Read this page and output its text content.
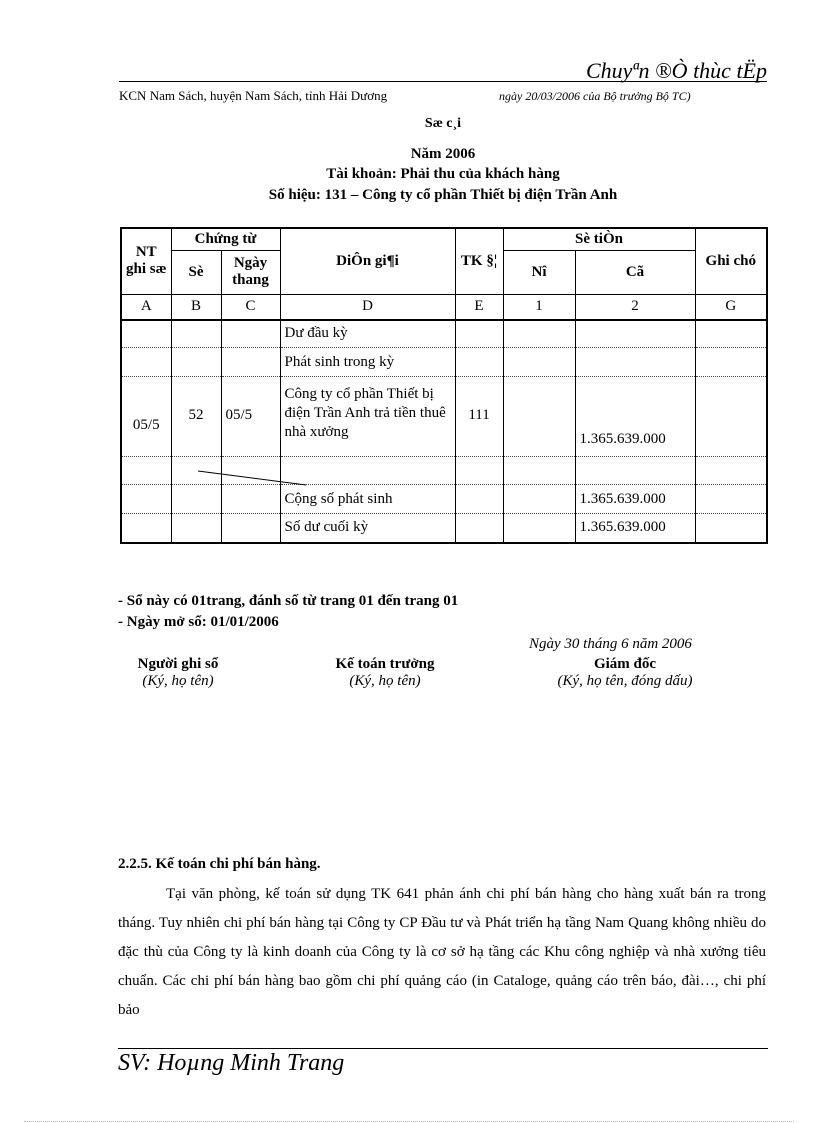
Chuyªn ®Ò thùc tËp
KCN Nam Sách, huyện Nam Sách, tỉnh Hải Dương	ngày 20/03/2006 của Bộ trưởng Bộ TC)
Sæ c¸i
Năm 2006
Tài khoản: Phải thu của khách hàng
Số hiệu: 131 – Công ty cổ phần Thiết bị điện Trần Anh
NT ghi sæ	Chứng từ		DiÔn gi¶i	TK §¦	Sè tiÒn		Ghi chó
	Sè	Ngày thang			Nî	Cã	
A	B	C	D	E	1	2	G
			Dư đầu kỳ				
			Phát sinh trong kỳ				
05/5	52	05/5	Công ty cổ phần Thiết bị điện Trần Anh trả tiền thuê nhà xưởng	111		1.365.639.000	

			Cộng số phát sinh			1.365.639.000	
			Số dư cuối kỳ			1.365.639.000	
- Sổ này có 01trang, đánh số từ trang 01 đến trang 01
- Ngày mở sổ: 01/01/2006
Ngày 30 tháng 6 năm 2006
Người ghi sổ
(Ký, họ tên)
Kế toán trưởng
(Ký, họ tên)
Giám đốc
(Ký, họ tên, đóng dấu)
2.2.5. Kế toán chi phí bán hàng.
Tại văn phòng, kế toán sử dụng TK 641 phản ánh chi phí bán hàng cho hàng xuất bán ra trong tháng. Tuy nhiên chi phí bán hàng tại Công ty CP Đầu tư và Phát triển hạ tầng Nam Quang không nhiều do đặc thù của Công ty là kinh doanh của Công ty là cơ sở hạ tầng các Khu công nghiệp và nhà xưởng tiêu chuẩn. Các chi phí bán hàng bao gồm chi phí quảng cáo (in Cataloge, quảng cáo trên báo, đài…, chi phí bảo
SV: Hoµng Minh Trang
